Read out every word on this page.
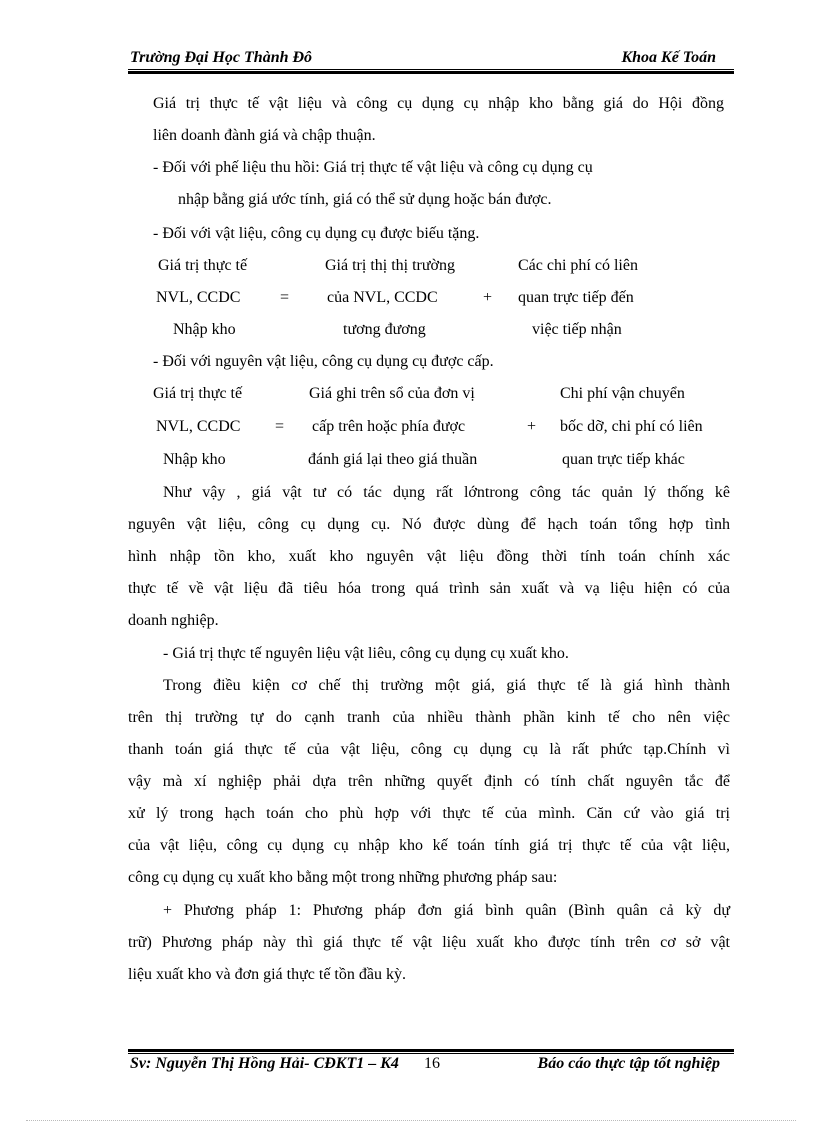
Trường Đại Học Thành Đô	Khoa Kế Toán
Giá trị thực tế vật liệu và công cụ dụng cụ nhập kho bằng giá do Hội đồng
liên doanh đành giá và chập thuận.
- Đối với phế liệu thu hồi: Giá trị thực tế vật liệu và công cụ dụng cụ
nhập bằng giá ước tính, giá có thể sử dụng hoặc bán được.
- Đối với vật liệu, công cụ dụng cụ được biếu tặng.
Giá trị thực tế
NVL, CCDC
Nhập kho
=
Giá trị thị thị trường
của NVL, CCDC
tương đương
+
Các chi phí có liên
quan trực tiếp đến
việc tiếp nhận
- Đối với nguyên vật liệu, công cụ dụng cụ được cấp.
Giá trị thực tế
NVL, CCDC
Nhập kho
=
Giá ghi trên sổ của đơn vị
cấp trên hoặc phía được
đánh giá lại theo giá thuần
+
Chi phí vận chuyển
bốc dỡ, chi phí có liên
quan trực tiếp khác
Như vậy , giá vật tư có tác dụng rất lớntrong công tác quản lý thống kê
nguyên vật liệu, công cụ dụng cụ. Nó được dùng để hạch toán tổng hợp tình
hình nhập tồn kho, xuất kho nguyên vật liệu đồng thời tính toán chính xác
thực tế về vật liệu đã tiêu hóa trong quá trình sản xuất và vạ liệu hiện có của
doanh nghiệp.
- Giá trị thực tế nguyên liệu vật liêu, công cụ dụng cụ xuất kho.
Trong điều kiện cơ chế thị trường một giá, giá thực tế là giá hình thành
trên thị trường tự do cạnh tranh của nhiều thành phần kinh tế cho nên việc
thanh toán giá thực tế của vật liệu, công cụ dụng cụ là rất phức tạp.Chính vì
vậy mà xí nghiệp phải dựa trên những quyết định có tính chất nguyên tắc để
xử lý trong hạch toán cho phù hợp với thực tế của mình. Căn cứ vào giá trị
của vật liệu, công cụ dụng cụ nhập kho kế toán tính giá trị thực tế của vật liệu,
công cụ dụng cụ xuất kho bằng một trong những phương pháp sau:
+ Phương pháp 1: Phương pháp đơn giá bình quân (Bình quân cả kỳ dự
trữ) Phương pháp này thì giá thực tế vật liệu xuất kho được tính trên cơ sở vật
liệu xuất kho và đơn giá thực tế tồn đầu kỳ.
Sv: Nguyễn Thị Hồng Hải- CĐKT1 – K4 16	Báo cáo thực tập tốt nghiệp
